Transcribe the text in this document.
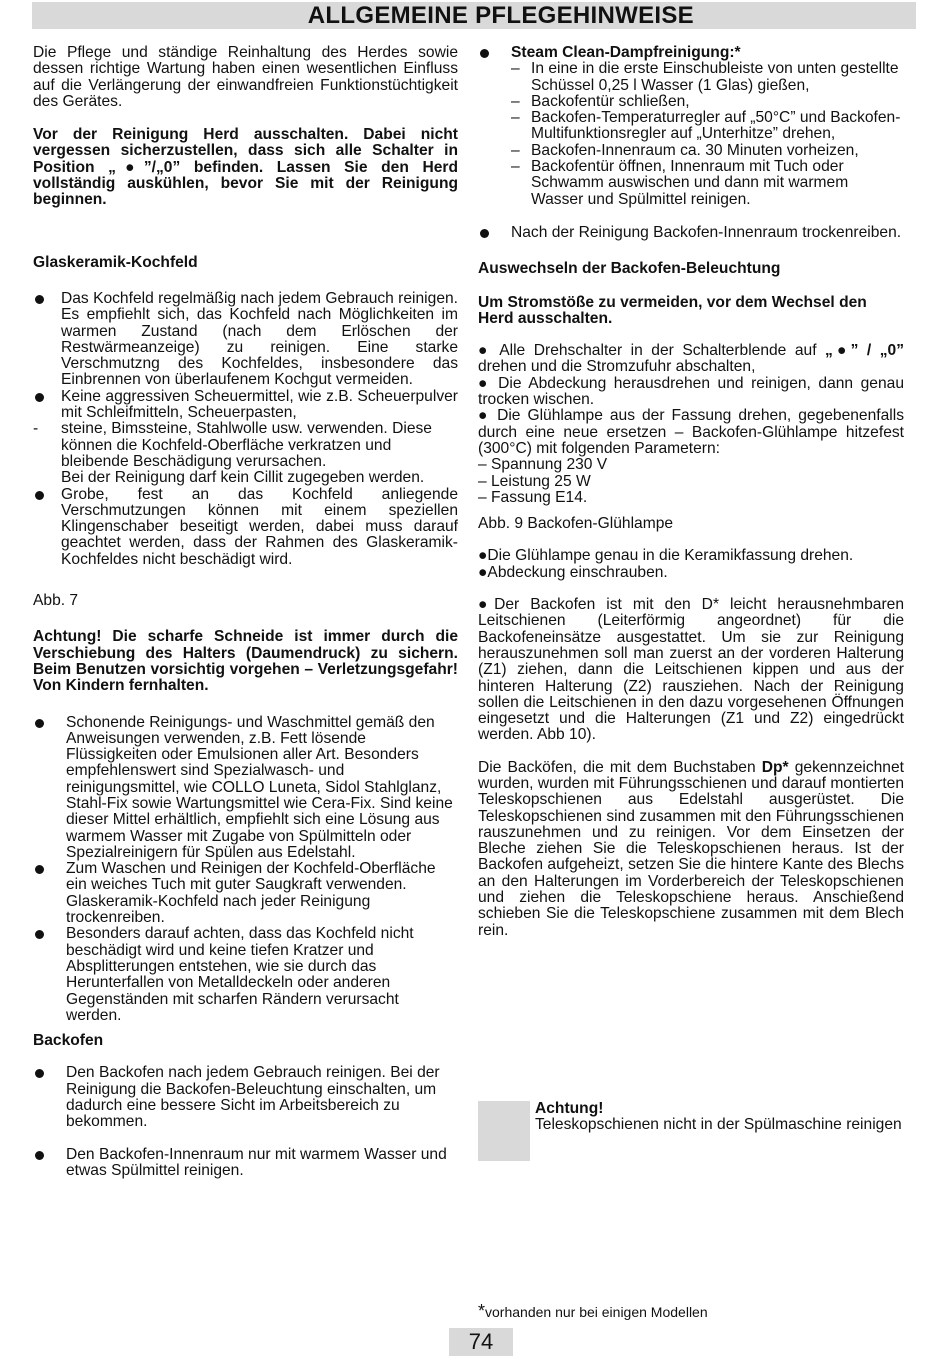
ALLGEMEINE PFLEGEHINWEISE

Die Pflege und ständige Reinhaltung des Herdes sowie dessen richtige Wartung haben einen wesentlichen Einfluss auf die Verlängerung der einwandfreien Funktionstüchtigkeit des Gerätes.

Vor der Reinigung Herd ausschalten. Dabei nicht vergessen sicherzustellen, dass sich alle Schalter in Position „●”/„0” befinden. Lassen Sie den Herd vollständig auskühlen, bevor Sie mit der Reinigung beginnen.

Glaskeramik-Kochfeld

Das Kochfeld regelmäßig nach jedem Gebrauch reinigen. Es empfiehlt sich, das Kochfeld nach Möglichkeiten im warmen Zustand (nach dem Erlöschen der Restwärmeanzeige) zu reinigen. Eine starke Verschmutzng des Kochfeldes, insbesondere das Einbrennen von überlaufenem Kochgut vermeiden.

Keine aggressiven Scheuermittel, wie z.B. Scheuerpulver mit Schleifmitteln, Scheuerpasten,

-	steine, Bimssteine, Stahlwolle usw. verwenden. Diese können die Kochfeld-Oberfläche verkratzen und bleibende Beschädigung verursachen.

Bei der Reinigung darf kein Cillit zugegeben werden.

Grobe, fest an das Kochfeld anliegende Verschmutzungen können mit einem speziellen Klingenschaber beseitigt werden, dabei muss darauf geachtet werden, dass der Rahmen des Glaskeramik-Kochfeldes nicht beschädigt wird.

Abb. 7

Achtung! Die scharfe Schneide ist immer durch die Verschiebung des Halters (Daumendruck) zu sichern. Beim Benutzen vorsichtig vorgehen – Verletzungsgefahr! Von Kindern fernhalten.

Schonende Reinigungs- und Waschmittel gemäß den Anweisungen verwenden, z.B. Fett lösende Flüssigkeiten oder Emulsionen aller Art. Besonders empfehlenswert sind Spezialwasch- und reinigungsmittel, wie COLLO Luneta, Sidol Stahlglanz, Stahl-Fix sowie Wartungsmittel wie Cera-Fix. Sind keine dieser Mittel erhältlich, empfiehlt sich eine Lösung aus warmem Wasser mit Zugabe von Spülmitteln oder Spezialreinigern für Spülen aus Edelstahl.

Zum Waschen und Reinigen der Kochfeld-Oberfläche ein weiches Tuch mit guter Saugkraft verwenden. Glaskeramik-Kochfeld nach jeder Reinigung trockenreiben.

Besonders darauf achten, dass das Kochfeld nicht beschädigt wird und keine tiefen Kratzer und Absplitterungen entstehen, wie sie durch das Herunterfallen von Metalldeckeln oder anderen Gegenständen mit scharfen Rändern verursacht werden.

Backofen

Den Backofen nach jedem Gebrauch reinigen. Bei der Reinigung die Backofen-Beleuchtung einschalten, um dadurch eine bessere Sicht im Arbeitsbereich zu bekommen.

Den Backofen-Innenraum nur mit warmem Wasser und etwas Spülmittel reinigen.

Steam Clean-Dampfreinigung:*

– In eine in die erste Einschubleiste von unten gestellte Schüssel 0,25 l Wasser (1 Glas) gießen,
– Backofentür schließen,
– Backofen-Temperaturregler auf „50°C” und Backofen-Multifunktionsregler auf „Unterhitze” drehen,
– Backofen-Innenraum ca. 30 Minuten vorheizen,
– Backofentür öffnen, Innenraum mit Tuch oder Schwamm auswischen und dann mit warmem Wasser und Spülmittel reinigen.

Nach der Reinigung Backofen-Innenraum trockenreiben.

Auswechseln der Backofen-Beleuchtung

Um Stromstöße zu vermeiden, vor dem Wechsel den Herd ausschalten.

● Alle Drehschalter in der Schalterblende auf „●” / „0” drehen und die Stromzufuhr abschalten,

● Die Abdeckung herausdrehen und reinigen, dann genau trocken wischen.

● Die Glühlampe aus der Fassung drehen, gegebenenfalls durch eine neue ersetzen – Backofen-Glühlampe hitzefest (300°C) mit folgenden Parametern:

– Spannung 230 V

– Leistung 25 W

– Fassung E14.

Abb. 9 Backofen-Glühlampe

●Die Glühlampe genau in die Keramikfassung drehen.

●Abdeckung einschrauben.

●Der Backofen ist mit den D* leicht herausnehmbaren Leitschienen (Leiterförmig angeordnet) für die Backofeneinsätze ausgestattet. Um sie zur Reinigung herauszunehmen soll man zuerst an der vorderen Halterung (Z1) ziehen, dann die Leitschienen kippen und aus der hinteren Halterung (Z2) rausziehen. Nach der Reinigung sollen die Leitschienen in den dazu vorgesehenen Öffnungen eingesetzt und die Halterungen (Z1 und Z2) eingedrückt werden. Abb 10).

Die Backöfen, die mit dem Buchstaben Dp* gekennzeichnet wurden, wurden mit Führungsschienen und darauf montierten Teleskopschienen aus Edelstahl ausgerüstet. Die Teleskopschienen sind zusammen mit den Führungsschienen rauszunehmen und zu reinigen. Vor dem Einsetzen der Bleche ziehen Sie die Teleskopschienen heraus. Ist der Backofen aufgeheizt, setzen Sie die hintere Kante des Blechs an den Halterungen im Vorderbereich der Teleskopschienen und ziehen die Teleskopschiene heraus. Anschießend schieben Sie die Teleskopschiene zusammen mit dem Blech rein.

Achtung!

Teleskopschienen nicht in der Spülmaschine reinigen

*vorhanden nur bei einigen Modellen
74
